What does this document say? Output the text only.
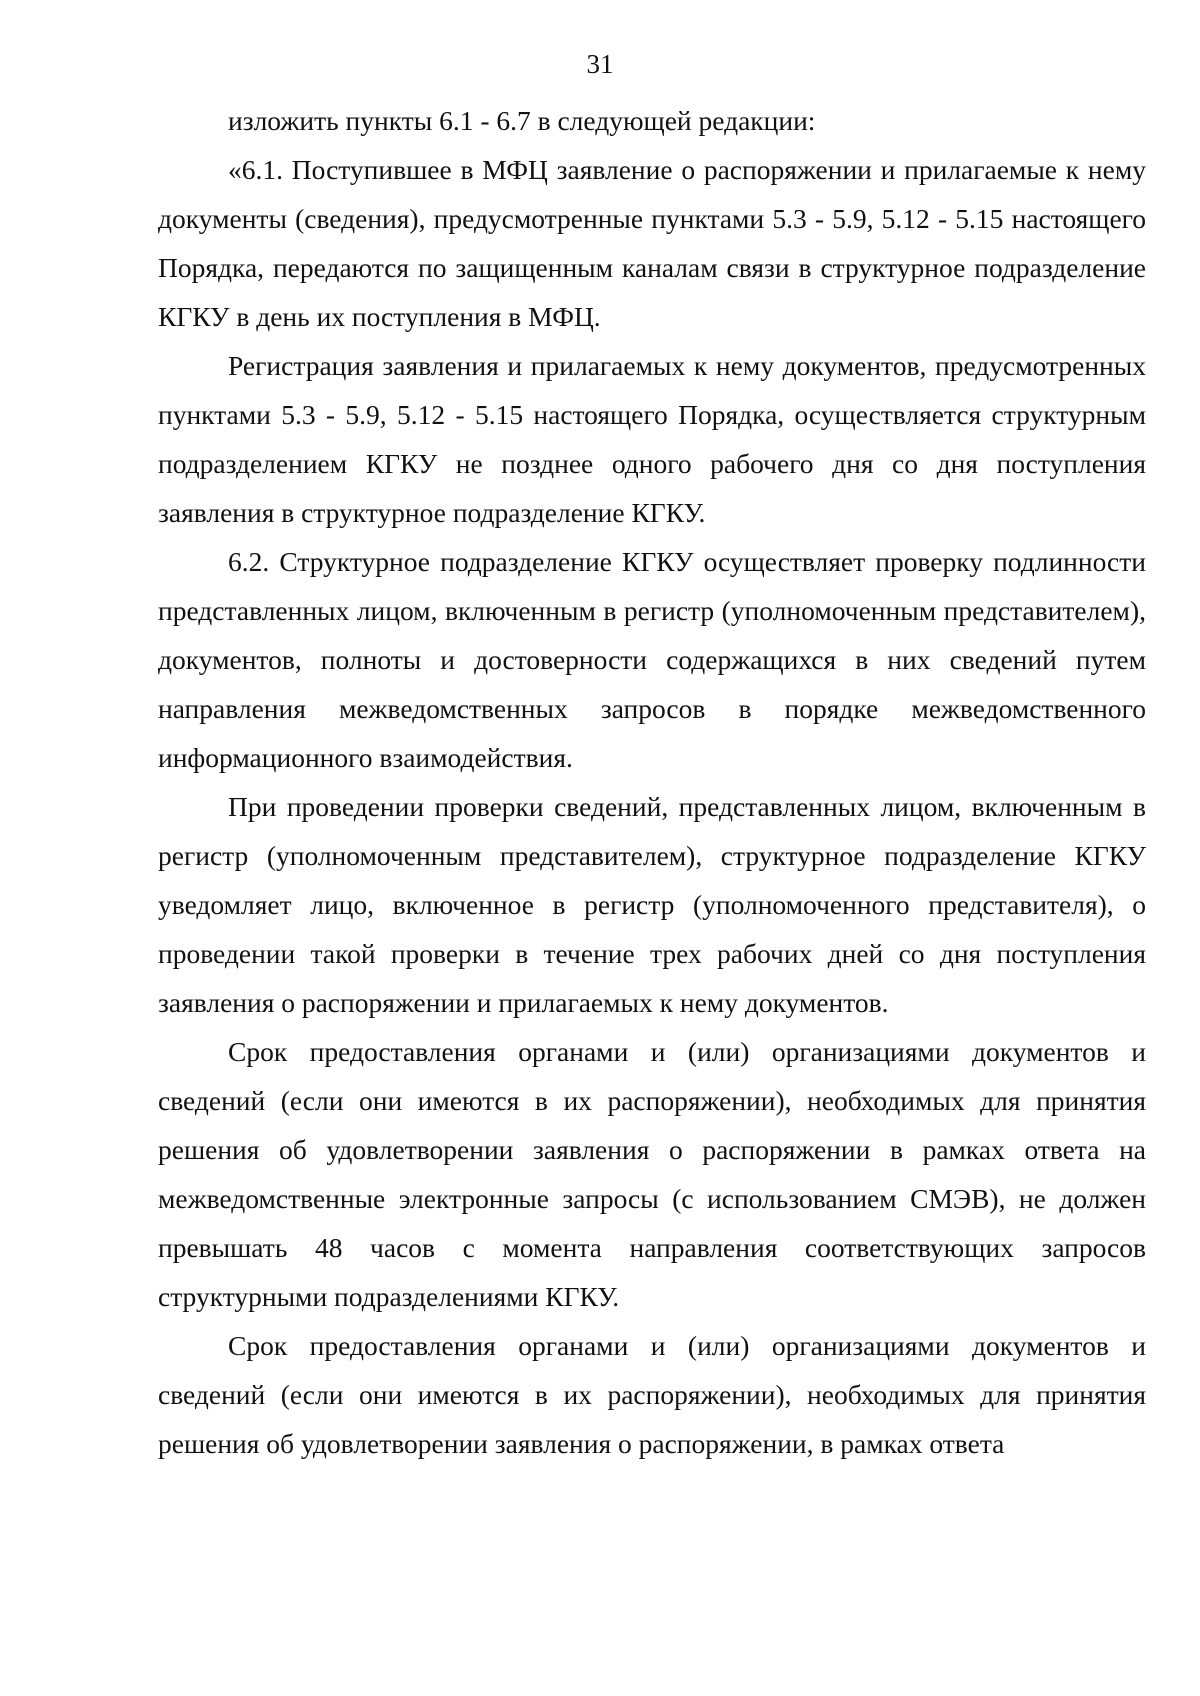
31

изложить пункты 6.1 - 6.7 в следующей редакции:

«6.1. Поступившее в МФЦ заявление о распоряжении и прилагаемые к нему документы (сведения), предусмотренные пунктами 5.3 - 5.9, 5.12 - 5.15 настоящего Порядка, передаются по защищенным каналам связи в структурное подразделение КГКУ в день их поступления в МФЦ.

Регистрация заявления и прилагаемых к нему документов, предусмотренных пунктами 5.3 - 5.9, 5.12 - 5.15 настоящего Порядка, осуществляется структурным подразделением КГКУ не позднее одного рабочего дня со дня поступления заявления в структурное подразделение КГКУ.

6.2. Структурное подразделение КГКУ осуществляет проверку подлинности представленных лицом, включенным в регистр (уполномоченным представителем), документов, полноты и достоверности содержащихся в них сведений путем направления межведомственных запросов в порядке межведомственного информационного взаимодействия.

При проведении проверки сведений, представленных лицом, включенным в регистр (уполномоченным представителем), структурное подразделение КГКУ уведомляет лицо, включенное в регистр (уполномоченного представителя), о проведении такой проверки в течение трех рабочих дней со дня поступления заявления о распоряжении и прилагаемых к нему документов.

Срок предоставления органами и (или) организациями документов и сведений (если они имеются в их распоряжении), необходимых для принятия решения об удовлетворении заявления о распоряжении в рамках ответа на межведомственные электронные запросы (с использованием СМЭВ), не должен превышать 48 часов с момента направления соответствующих запросов структурными подразделениями КГКУ.

Срок предоставления органами и (или) организациями документов и сведений (если они имеются в их распоряжении), необходимых для принятия решения об удовлетворении заявления о распоряжении, в рамках ответа
